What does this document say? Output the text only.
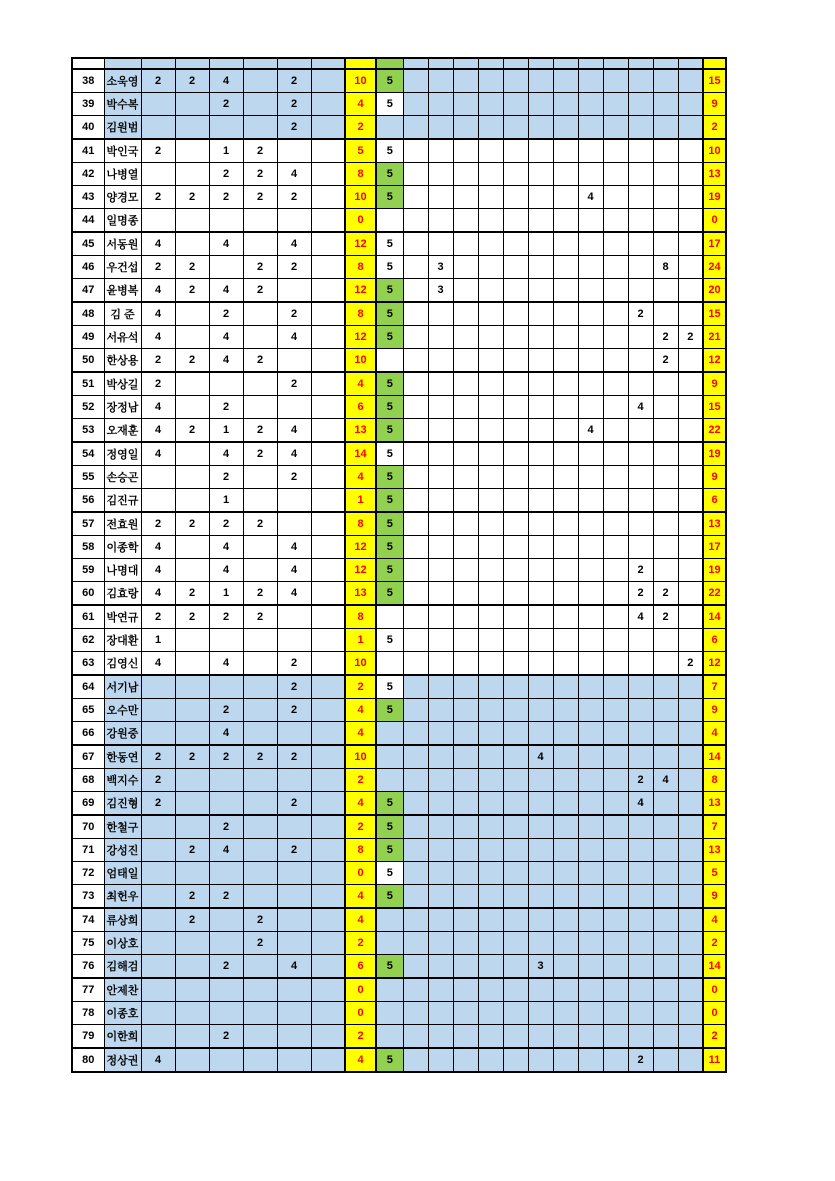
38	소욱영	2	2	4		2		10	5													15
39	박수복			2		2		4	5													9
40	김원범					2		2														2
41	박인국	2		1	2			5	5													10
42	나병열			2	2	4		8	5													13
43	양경모	2	2	2	2	2		10	5								4					19
44	일명종							0														0
45	서동원	4		4		4		12	5													17
46	우건섭	2	2		2	2		8	5		3									8		24
47	윤병복	4	2	4	2			12	5		3											20
48	김 준	4		2		2		8	5										2			15
49	서유석	4		4		4		12	5											2	2	21
50	한상용	2	2	4	2			10												2		12
51	박상길	2				2		4	5													9
52	장정남	4		2				6	5										4			15
53	오재훈	4	2	1	2	4		13	5								4					22
54	정영일	4		4	2	4		14	5													19
55	손승곤			2		2		4	5													9
56	김진규			1				1	5													6
57	전효원	2	2	2	2			8	5													13
58	이종학	4		4		4		12	5													17
59	나명대	4		4		4		12	5										2			19
60	김효랑	4	2	1	2	4		13	5										2	2		22
61	박연규	2	2	2	2			8											4	2		14
62	장대환	1						1	5													6
63	김영신	4		4		2		10													2	12
64	서기남					2		2	5													7
65	오수만			2		2		4	5													9
66	강원중			4				4														4
67	한동연	2	2	2	2	2		10							4							14
68	백지수	2						2											2	4		8
69	김진형	2				2		4	5										4			13
70	한철구			2				2	5													7
71	강성진		2	4		2		8	5													13
72	엄태일							0	5													5
73	최헌우		2	2				4	5													9
74	류상희		2		2			4														4
75	이상호				2			2														2
76	김해검			2		4		6	5						3							14
77	안제찬							0														0
78	이종호							0														0
79	이한희			2				2														2
80	정상권	4						4	5										2			11
